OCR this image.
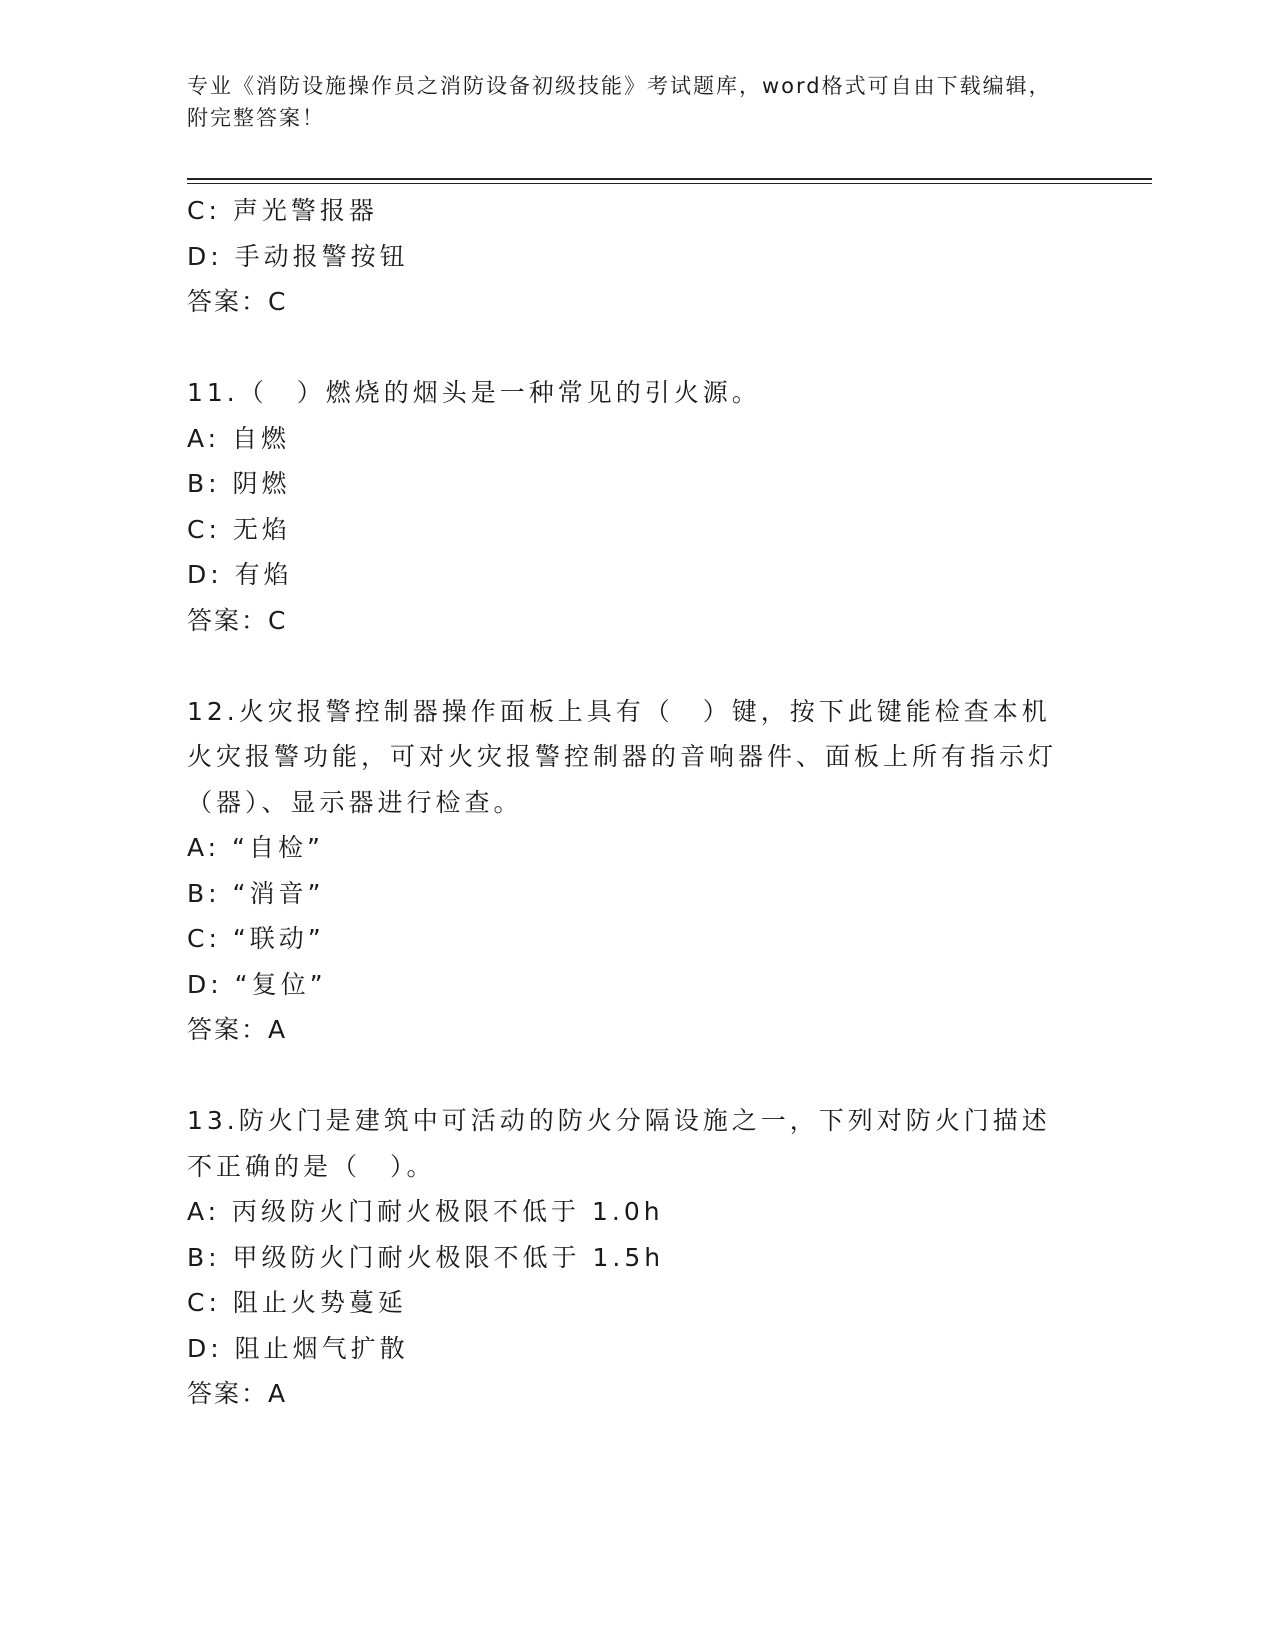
专业《消防设施操作员之消防设备初级技能》考试题库，word格式可自由下载编辑，附完整答案！

C: 声光警报器

D: 手动报警按钮

答案：C

11.（　）燃烧的烟头是一种常见的引火源。

A: 自燃

B: 阴燃

C: 无焰

D: 有焰

答案：C

12.火灾报警控制器操作面板上具有（　）键，按下此键能检查本机火灾报警功能，可对火灾报警控制器的音响器件、面板上所有指示灯（器）、显示器进行检查。

A: “自检”

B: “消音”

C: “联动”

D: “复位”

答案：A

13.防火门是建筑中可活动的防火分隔设施之一，下列对防火门描述不正确的是（　）。

A: 丙级防火门耐火极限不低于 1.0h

B: 甲级防火门耐火极限不低于 1.5h

C: 阻止火势蔓延

D: 阻止烟气扩散

答案：A
